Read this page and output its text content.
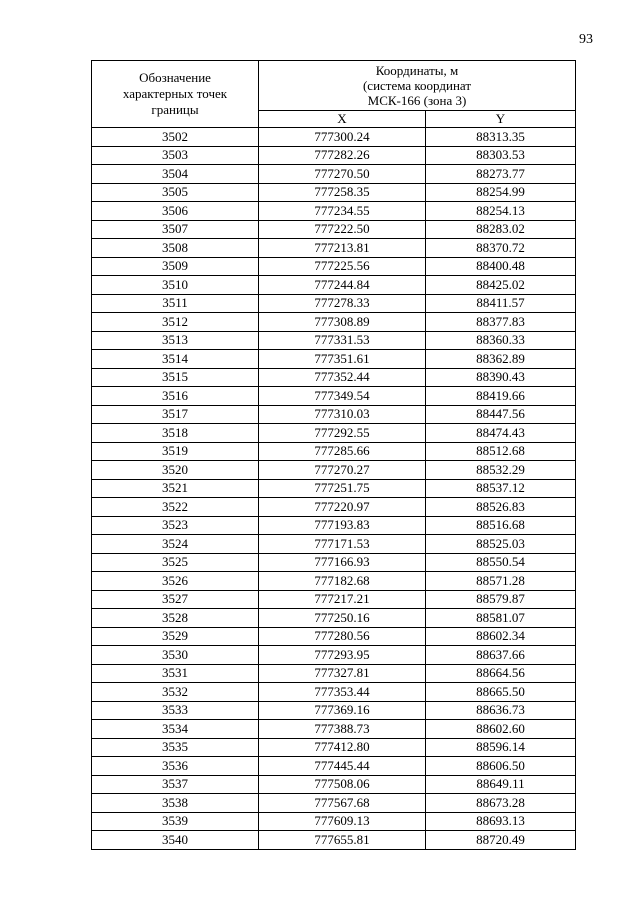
93
Обозначение характерных точек границы	Координаты, м
(система координат
МСК-166 (зона 3)	

	X	Y
3502	777300.24	88313.35
3503	777282.26	88303.53
3504	777270.50	88273.77
3505	777258.35	88254.99
3506	777234.55	88254.13
3507	777222.50	88283.02
3508	777213.81	88370.72
3509	777225.56	88400.48
3510	777244.84	88425.02
3511	777278.33	88411.57
3512	777308.89	88377.83
3513	777331.53	88360.33
3514	777351.61	88362.89
3515	777352.44	88390.43
3516	777349.54	88419.66
3517	777310.03	88447.56
3518	777292.55	88474.43
3519	777285.66	88512.68
3520	777270.27	88532.29
3521	777251.75	88537.12
3522	777220.97	88526.83
3523	777193.83	88516.68
3524	777171.53	88525.03
3525	777166.93	88550.54
3526	777182.68	88571.28
3527	777217.21	88579.87
3528	777250.16	88581.07
3529	777280.56	88602.34
3530	777293.95	88637.66
3531	777327.81	88664.56
3532	777353.44	88665.50
3533	777369.16	88636.73
3534	777388.73	88602.60
3535	777412.80	88596.14
3536	777445.44	88606.50
3537	777508.06	88649.11
3538	777567.68	88673.28
3539	777609.13	88693.13
3540	777655.81	88720.49
